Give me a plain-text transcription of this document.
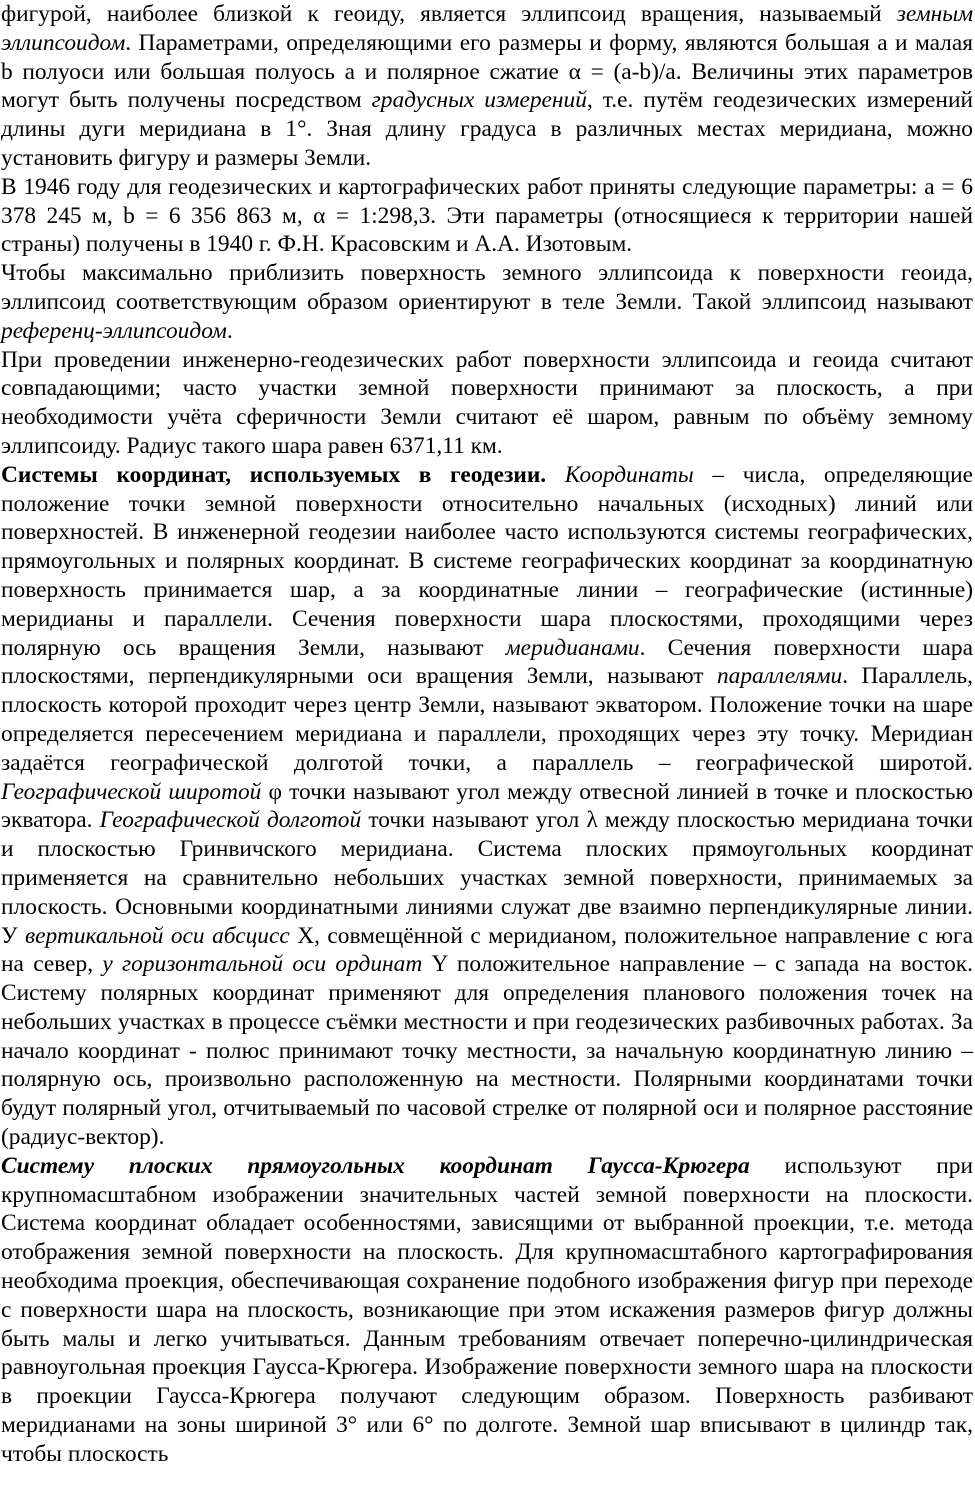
фигурой, наиболее близкой к геоиду, является эллипсоид вращения, называемый земным эллипсоидом. Параметрами, определяющими его размеры и форму, являются большая a и малая b полуоси или большая полуось a и полярное сжатие α = (a-b)/a. Величины этих параметров могут быть получены посредством градусных измерений, т.е. путём геодезических измерений длины дуги меридиана в 1°. Зная длину градуса в различных местах меридиана, можно установить фигуру и размеры Земли.

В 1946 году для геодезических и картографических работ приняты следующие параметры: a = 6 378 245 м, b = 6 356 863 м, α = 1:298,3. Эти параметры (относящиеся к территории нашей страны) получены в 1940 г. Ф.Н. Красовским и А.А. Изотовым.

Чтобы максимально приблизить поверхность земного эллипсоида к поверхности геоида, эллипсоид соответствующим образом ориентируют в теле Земли. Такой эллипсоид называют референц-эллипсоидом.

При проведении инженерно-геодезических работ поверхности эллипсоида и геоида считают совпадающими; часто участки земной поверхности принимают за плоскость, а при необходимости учёта сферичности Земли считают её шаром, равным по объёму земному эллипсоиду. Радиус такого шара равен 6371,11 км.

Системы координат, используемых в геодезии. Координаты – числа, определяющие положение точки земной поверхности относительно начальных (исходных) линий или поверхностей. В инженерной геодезии наиболее часто используются системы географических, прямоугольных и полярных координат. В системе географических координат за координатную поверхность принимается шар, а за координатные линии – географические (истинные) меридианы и параллели. Сечения поверхности шара плоскостями, проходящими через полярную ось вращения Земли, называют меридианами. Сечения поверхности шара плоскостями, перпендикулярными оси вращения Земли, называют параллелями. Параллель, плоскость которой проходит через центр Земли, называют экватором. Положение точки на шаре определяется пересечением меридиана и параллели, проходящих через эту точку. Меридиан задаётся географической долготой точки, а параллель – географической широтой. Географической широтой φ точки называют угол между отвесной линией в точке и плоскостью экватора. Географической долготой точки называют угол λ между плоскостью меридиана точки и плоскостью Гринвичского меридиана. Система плоских прямоугольных координат применяется на сравнительно небольших участках земной поверхности, принимаемых за плоскость. Основными координатными линиями служат две взаимно перпендикулярные линии. У вертикальной оси абсцисс X, совмещённой с меридианом, положительное направление с юга на север, у горизонтальной оси ординат Y положительное направление – с запада на восток. Систему полярных координат применяют для определения планового положения точек на небольших участках в процессе съёмки местности и при геодезических разбивочных работах. За начало координат - полюс принимают точку местности, за начальную координатную линию – полярную ось, произвольно расположенную на местности. Полярными координатами точки будут полярный угол, отчитываемый по часовой стрелке от полярной оси и полярное расстояние (радиус-вектор).

Систему плоских прямоугольных координат Гаусса-Крюгера используют при крупномасштабном изображении значительных частей земной поверхности на плоскости. Система координат обладает особенностями, зависящими от выбранной проекции, т.е. метода отображения земной поверхности на плоскость. Для крупномасштабного картографирования необходима проекция, обеспечивающая сохранение подобного изображения фигур при переходе с поверхности шара на плоскость, возникающие при этом искажения размеров фигур должны быть малы и легко учитываться. Данным требованиям отвечает поперечно-цилиндрическая равноугольная проекция Гаусса-Крюгера. Изображение поверхности земного шара на плоскости в проекции Гаусса-Крюгера получают следующим образом. Поверхность разбивают меридианами на зоны шириной 3° или 6° по долготе. Земной шар вписывают в цилиндр так, чтобы плоскость
